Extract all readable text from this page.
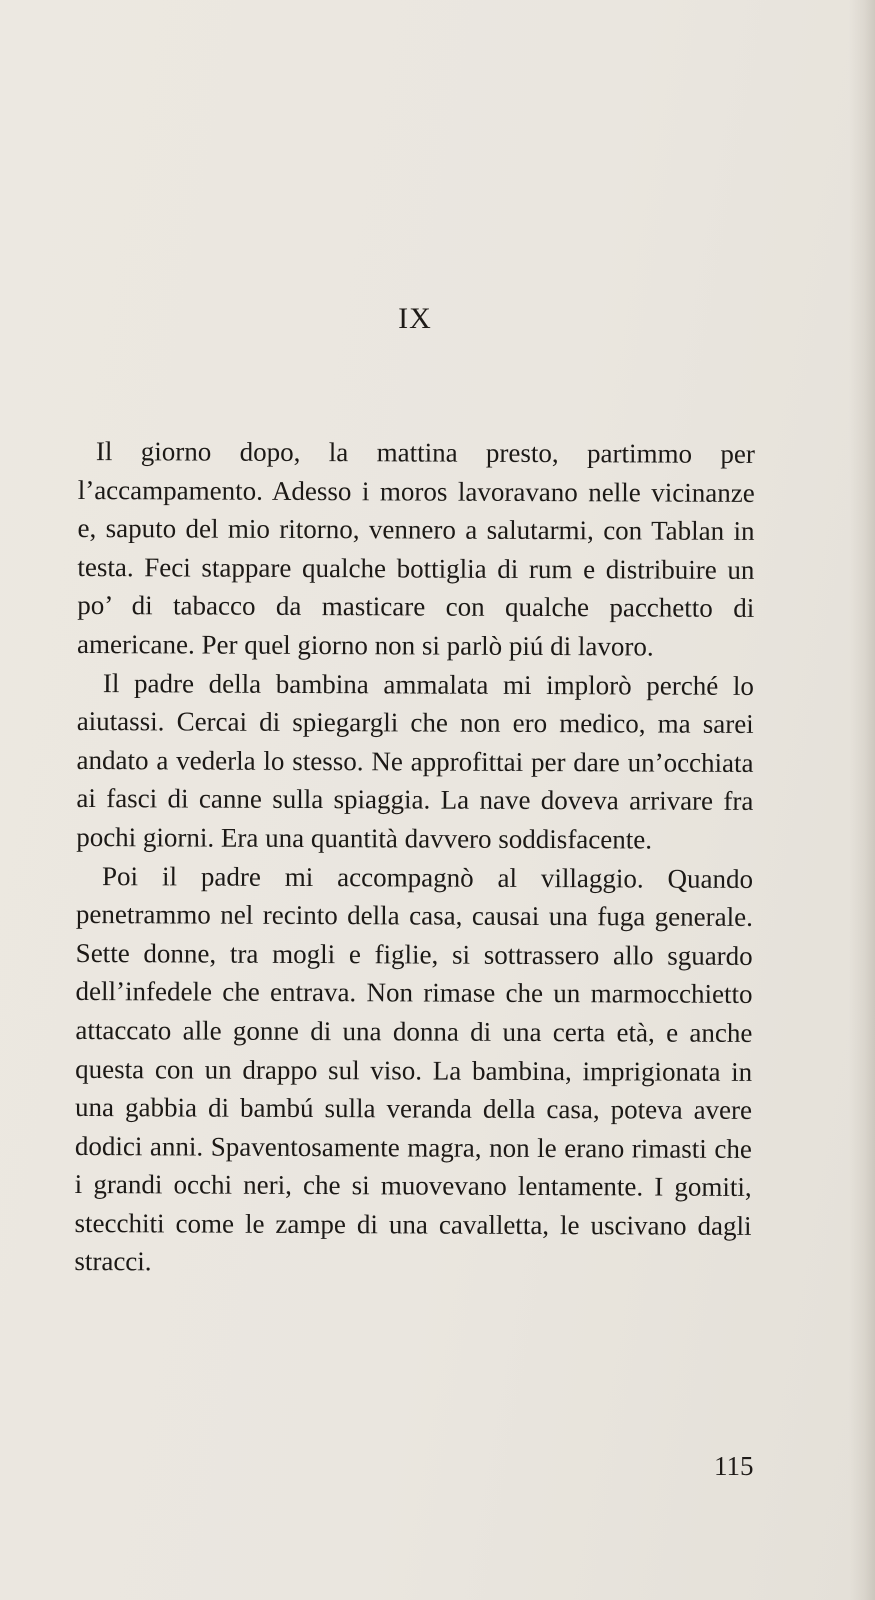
IX

Il giorno dopo, la mattina presto, partimmo per l’accampamento. Adesso i moros lavoravano nelle vicinanze e, saputo del mio ritorno, vennero a salutarmi, con Tablan in testa. Feci stappare qualche bottiglia di rum e distribuire un po’ di tabacco da masticare con qualche pacchetto di americane. Per quel giorno non si parlò piú di lavoro.

Il padre della bambina ammalata mi implorò perché lo aiutassi. Cercai di spiegargli che non ero medico, ma sarei andato a vederla lo stesso. Ne approfittai per dare un’occhiata ai fasci di canne sulla spiaggia. La nave doveva arrivare fra pochi giorni. Era una quantità davvero soddisfacente.

Poi il padre mi accompagnò al villaggio. Quando penetrammo nel recinto della casa, causai una fuga generale. Sette donne, tra mogli e figlie, si sottrassero allo sguardo dell’infedele che entrava. Non rimase che un marmocchietto attaccato alle gonne di una donna di una certa età, e anche questa con un drappo sul viso. La bambina, imprigionata in una gabbia di bambú sulla veranda della casa, poteva avere dodici anni. Spaventosamente magra, non le erano rimasti che i grandi occhi neri, che si muovevano lentamente. I gomiti, stecchiti come le zampe di una cavalletta, le uscivano dagli stracci.

115
